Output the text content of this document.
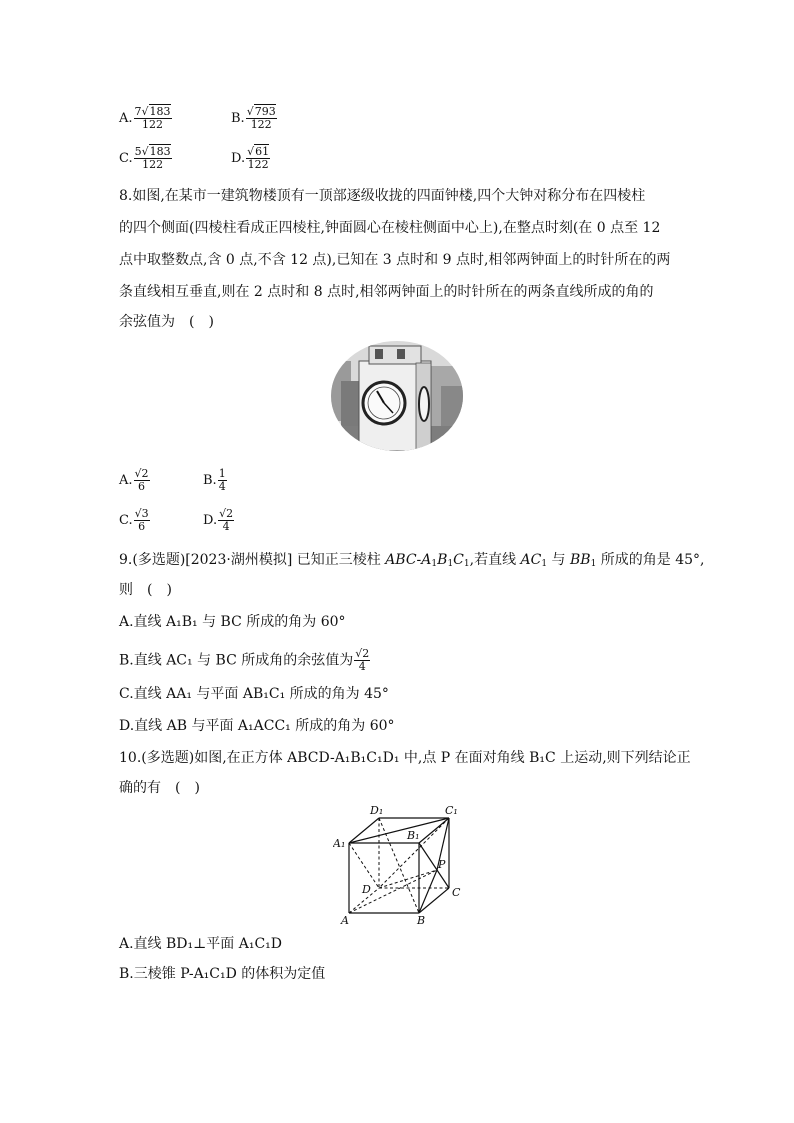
A. $\frac{7√183}{122}$	B. $\frac{√793}{122}$
C. $\frac{5√183}{122}$	D. $\frac{√61}{122}$
8.如图,在某市一建筑物楼顶有一顶部逐级收拢的四面钟楼,四个大钟对称分布在四棱柱
的四个侧面(四棱柱看成正四棱柱,钟面圆心在棱柱侧面中心上),在整点时刻(在 0 点至 12
点中取整数点,含 0 点,不含 12 点),已知在 3 点时和 9 点时,相邻两钟面上的时针所在的两
条直线相互垂直,则在 2 点时和 8 点时,相邻两钟面上的时针所在的两条直线所成的角的
余弦值为　(　)
A. $\frac{√2}{6}$	B. $\frac{1}{4}$
C. $\frac{√3}{6}$	D. $\frac{√2}{4}$
9.(多选题)[2023·湖州模拟] 已知正三棱柱 ABC-$A_1B_1C_1$,若直线 $AC_1$ 与 $BB_1$ 所成的角是 45°,
则　(　)
A.直线 A₁B₁ 与 BC 所成的角为 60°
B.直线 AC₁ 与 BC 所成角的余弦值为 $\frac{√2}{4}$
C.直线 AA₁ 与平面 AB₁C₁ 所成的角为 45°
D.直线 AB 与平面 A₁ACC₁ 所成的角为 60°
10.(多选题)如图,在正方体 ABCD-A₁B₁C₁D₁ 中,点 P 在面对角线 B₁C 上运动,则下列结论正
确的有　(　)
D₁	C₁
B₁
A₁
P
D	C
A	B
A.直线 BD₁⊥平面 A₁C₁D
B.三棱锥 P-A₁C₁D 的体积为定值
